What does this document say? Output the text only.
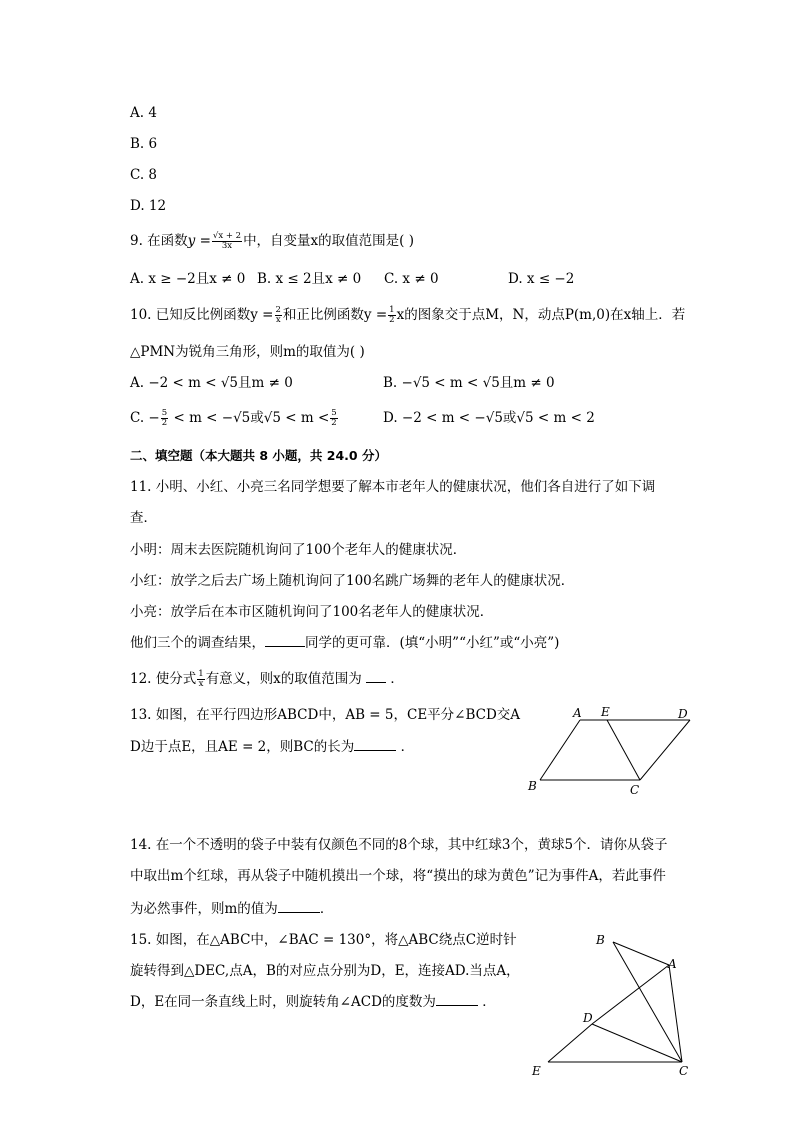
A. 4
B. 6
C. 8
D. 12
9. 在函数$y = \frac{√x + 2}{3x}$ 中，自变量x的取值范围是( )
A. x ≥ −2且x ≠ 0 B. x ≤ 2且x ≠ 0 C. x ≠ 0	D. x ≤ −2
10. 已知反比例函数$y = \frac{2}{x}$ 和正比例函数$y = \frac{1}{2}$ x的图象交于点M，N，动点P(m,0)在x轴上．若
△PMN为锐角三角形，则m的取值为( )
A. −2 < m < √5且m ≠ 0	B. −√5 < m < √5且m ≠ 0
C. − $\frac{5}{2} < m < -√5$或$√5 < m < \frac{5}{2}$	D. −2 < m < −√5或√5 < m < 2
二、填空题（本大题共 8 小题，共 24.0 分）
11. 小明、小红、小亮三名同学想要了解本市老年人的健康状况，他们各自进行了如下调
查．
小明：周末去医院随机询问了100个老年人的健康状况．
小红：放学之后去广场上随机询问了100名跳广场舞的老年人的健康状况．
小亮：放学后在本市区随机询问了100名老年人的健康状况．
他们三个的调查结果，	同学的更可靠．(填“小明”“小红”或“小亮”)
12. 使分式 $\frac{1}{x}$ 有意义，则x的取值范围为  ．
13. 如图，在平行四边形ABCD中，AB = 5，CE平分∠BCD交A
D边于点E，且AE = 2，则BC的长为	．
A E	D
B	C
14. 在一个不透明的袋子中装有仅颜色不同的8个球，其中红球3个，黄球5个．请你从袋子
中取出m个红球，再从袋子中随机摸出一个球，将“摸出的球为黄色”记为事件A，若此事件
为必然事件，则m的值为	．
15. 如图，在△ABC中，∠BAC = 130°，将△ABC绕点C逆时针
旋转得到△DEC,点A，B的对应点分别为D，E，连接AD.当点A，
D，E在同一条直线上时，则旋转角∠ACD的度数为	．
B
A
D
E	C
